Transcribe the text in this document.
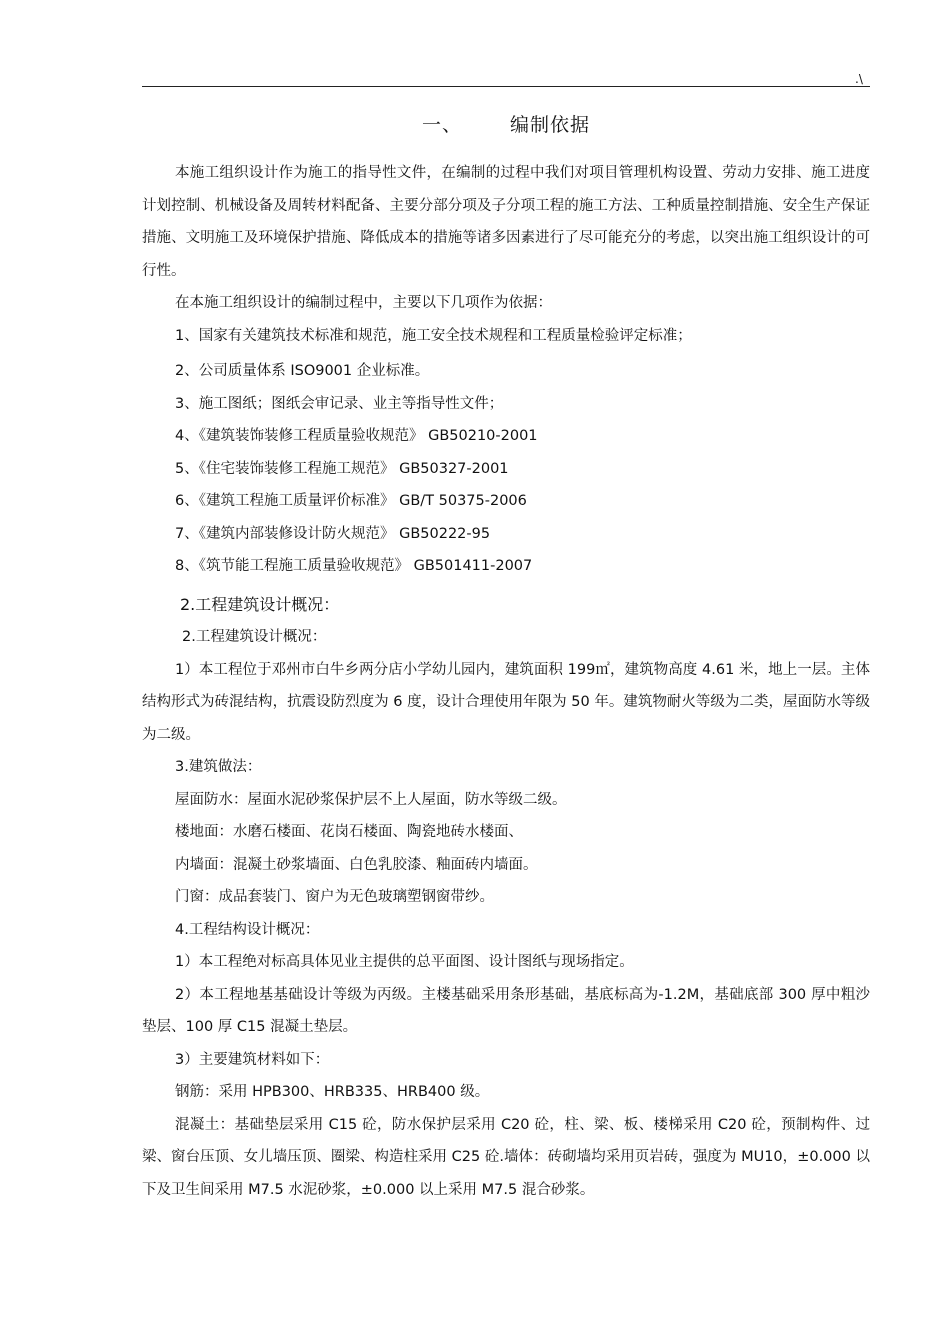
.\
一、	编制依据

本施工组织设计作为施工的指导性文件，在编制的过程中我们对项目管理机构设置、劳动力安排、施工进度计划控制、机械设备及周转材料配备、主要分部分项及子分项工程的施工方法、工种质量控制措施、安全生产保证措施、文明施工及环境保护措施、降低成本的措施等诸多因素进行了尽可能充分的考虑，以突出施工组织设计的可行性。

在本施工组织设计的编制过程中，主要以下几项作为依据：

1、国家有关建筑技术标准和规范，施工安全技术规程和工程质量检验评定标准；

2、公司质量体系 ISO9001 企业标准。

3、施工图纸；图纸会审记录、业主等指导性文件；

4、《建筑装饰装修工程质量验收规范》 GB50210-2001

5、《住宅装饰装修工程施工规范》 GB50327-2001

6、《建筑工程施工质量评价标准》 GB/T 50375-2006

7、《建筑内部装修设计防火规范》 GB50222-95

8、《筑节能工程施工质量验收规范》 GB501411-2007

2.工程建筑设计概况：

2.工程建筑设计概况：

1）本工程位于邓州市白牛乡两分店小学幼儿园内，建筑面积 199㎡，建筑物高度 4.61 米，地上一层。主体结构形式为砖混结构，抗震设防烈度为 6 度，设计合理使用年限为 50 年。建筑物耐火等级为二类，屋面防水等级为二级。

3.建筑做法：

屋面防水：屋面水泥砂浆保护层不上人屋面，防水等级二级。

楼地面：水磨石楼面、花岗石楼面、陶瓷地砖水楼面、

内墙面：混凝土砂浆墙面、白色乳胶漆、釉面砖内墙面。

门窗：成品套装门、窗户为无色玻璃塑钢窗带纱。

4.工程结构设计概况：

1）本工程绝对标高具体见业主提供的总平面图、设计图纸与现场指定。

2）本工程地基基础设计等级为丙级。主楼基础采用条形基础，基底标高为-1.2M，基础底部 300 厚中粗沙垫层、100 厚 C15 混凝土垫层。

3）主要建筑材料如下：

钢筋：采用 HPB300、HRB335、HRB400 级。

混凝土：基础垫层采用 C15 砼，防水保护层采用 C20 砼，柱、梁、板、楼梯采用 C20 砼，预制构件、过梁、窗台压顶、女儿墙压顶、圈梁、构造柱采用 C25 砼.墙体：砖砌墙均采用页岩砖，强度为 MU10，±0.000 以下及卫生间采用 M7.5 水泥砂浆，±0.000 以上采用 M7.5 混合砂浆。
